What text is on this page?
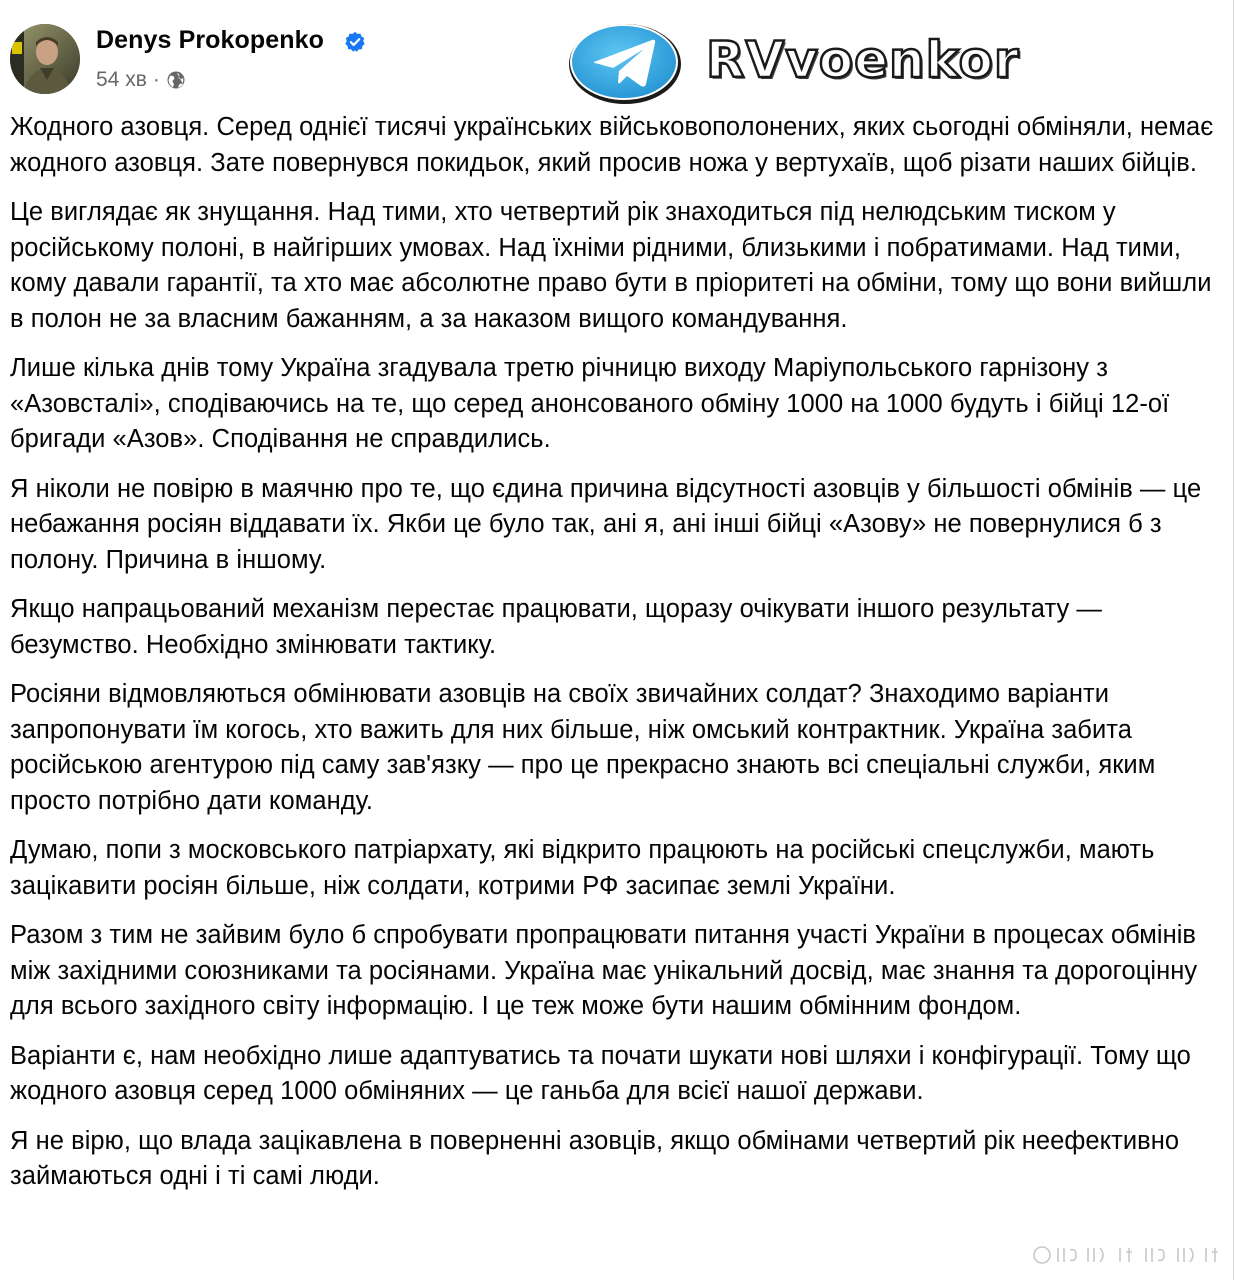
Denys Prokopenko
54 хв ·	RVvoenkor

Жодного азовця. Серед однієї тисячі українських військовополонених, яких сьогодні обміняли, немає жодного азовця. Зате повернувся покидьок, який просив ножа у вертухаїв, щоб різати наших бійців.

Це виглядає як знущання. Над тими, хто четвертий рік знаходиться під нелюдським тиском у російському полоні, в найгірших умовах. Над їхніми рідними, близькими і побратимами. Над тими, кому давали гарантії, та хто має абсолютне право бути в пріоритеті на обміни, тому що вони вийшли в полон не за власним бажанням, а за наказом вищого командування.

Лише кілька днів тому Україна згадувала третю річницю виходу Маріупольського гарнізону з «Азовсталі», сподіваючись на те, що серед анонсованого обміну 1000 на 1000 будуть і бійці 12-ої бригади «Азов». Сподівання не справдились.

Я ніколи не повірю в маячню про те, що єдина причина відсутності азовців у більшості обмінів — це небажання росіян віддавати їх. Якби це було так, ані я, ані інші бійці «Азову» не повернулися б з полону. Причина в іншому.

Якщо напрацьований механізм перестає працювати, щоразу очікувати іншого результату — безумство. Необхідно змінювати тактику.

Росіяни відмовляються обмінювати азовців на своїх звичайних солдат? Знаходимо варіанти запропонувати їм когось, хто важить для них більше, ніж омський контрактник. Україна забита російською агентурою під саму зав'язку — про це прекрасно знають всі спеціальні служби, яким просто потрібно дати команду.

Думаю, попи з московського патріархату, які відкрито працюють на російські спецслужби, мають зацікавити росіян більше, ніж солдати, котрими РФ засипає землі України.

Разом з тим не зайвим було б спробувати пропрацювати питання участі України в процесах обмінів між західними союзниками та росіянами. Україна має унікальний досвід, має знання та дорогоцінну для всього західного світу інформацію. І це теж може бути нашим обмінним фондом.

Варіанти є, нам необхідно лише адаптуватись та почати шукати нові шляхи і конфігурації. Тому що жодного азовця серед 1000 обміняних — це ганьба для всієї нашої держави.

Я не вірю, що влада зацікавлена в поверненні азовців, якщо обмінами четвертий рік неефективно займаються одні і ті самі люди.
